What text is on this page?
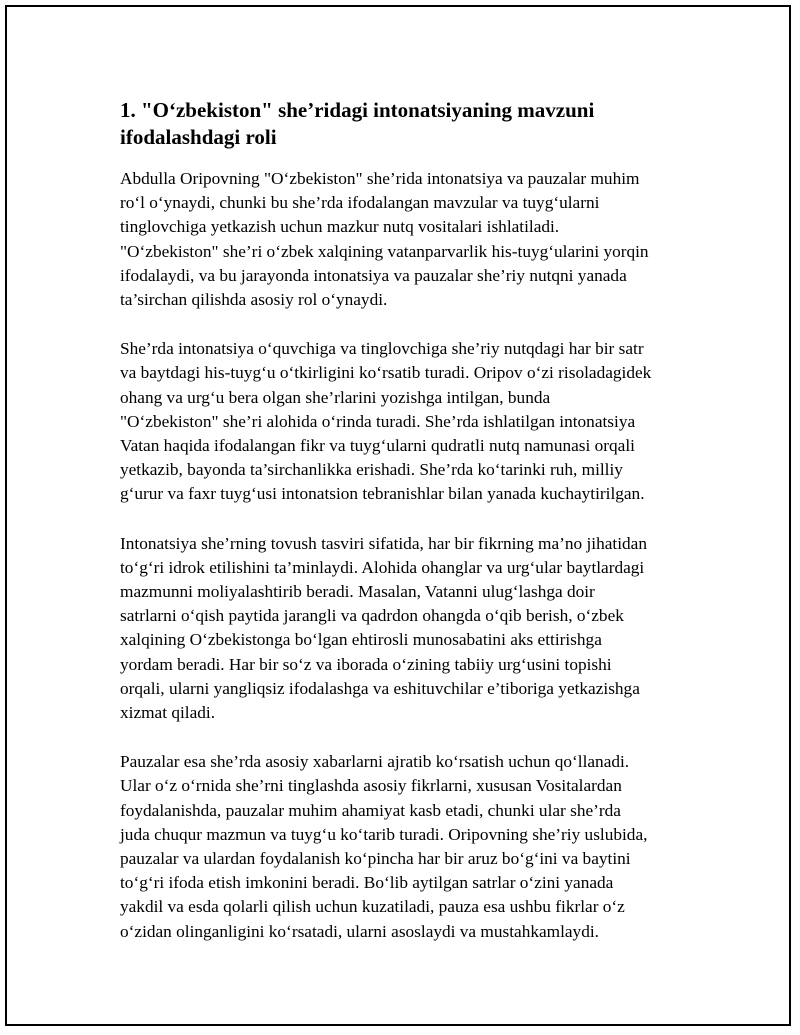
1. "O‘zbekiston" she’ridagi intonatsiyaning mavzuni
ifodalashdagi roli

Abdulla Oripovning "O‘zbekiston" she’rida intonatsiya va pauzalar muhim
ro‘l o‘ynaydi, chunki bu she’rda ifodalangan mavzular va tuyg‘ularni
tinglovchiga yetkazish uchun mazkur nutq vositalari ishlatiladi.
"O‘zbekiston" she’ri o‘zbek xalqining vatanparvarlik his-tuyg‘ularini yorqin
ifodalaydi, va bu jarayonda intonatsiya va pauzalar she’riy nutqni yanada
ta’sirchan qilishda asosiy rol o‘ynaydi.

She’rda intonatsiya o‘quvchiga va tinglovchiga she’riy nutqdagi har bir satr
va baytdagi his-tuyg‘u o‘tkirligini ko‘rsatib turadi. Oripov o‘zi risoladagidek
ohang va urg‘u bera olgan she’rlarini yozishga intilgan, bunda
"O‘zbekiston" she’ri alohida o‘rinda turadi. She’rda ishlatilgan intonatsiya
Vatan haqida ifodalangan fikr va tuyg‘ularni qudratli nutq namunasi orqali
yetkazib, bayonda ta’sirchanlikka erishadi. She’rda ko‘tarinki ruh, milliy
g‘urur va faxr tuyg‘usi intonatsion tebranishlar bilan yanada kuchaytirilgan.

Intonatsiya she’rning tovush tasviri sifatida, har bir fikrning ma’no jihatidan
to‘g‘ri idrok etilishini ta’minlaydi. Alohida ohanglar va urg‘ular baytlardagi
mazmunni moliyalashtirib beradi. Masalan, Vatanni ulug‘lashga doir
satrlarni o‘qish paytida jarangli va qadrdon ohangda o‘qib berish, o‘zbek
xalqining O‘zbekistonga bo‘lgan ehtirosli munosabatini aks ettirishga
yordam beradi. Har bir so‘z va iborada o‘zining tabiiy urg‘usini topishi
orqali, ularni yangliqsiz ifodalashga va eshituvchilar e’tiboriga yetkazishga
xizmat qiladi.

Pauzalar esa she’rda asosiy xabarlarni ajratib ko‘rsatish uchun qo‘llanadi.
Ular o‘z o‘rnida she’rni tinglashda asosiy fikrlarni, xususan Vositalardan
foydalanishda, pauzalar muhim ahamiyat kasb etadi, chunki ular she’rda
juda chuqur mazmun va tuyg‘u ko‘tarib turadi. Oripovning she’riy uslubida,
pauzalar va ulardan foydalanish ko‘pincha har bir aruz bo‘g‘ini va baytini
to‘g‘ri ifoda etish imkonini beradi. Bo‘lib aytilgan satrlar o‘zini yanada
yakdil va esda qolarli qilish uchun kuzatiladi, pauza esa ushbu fikrlar o‘z
o‘zidan olinganligini ko‘rsatadi, ularni asoslaydi va mustahkamlaydi.
